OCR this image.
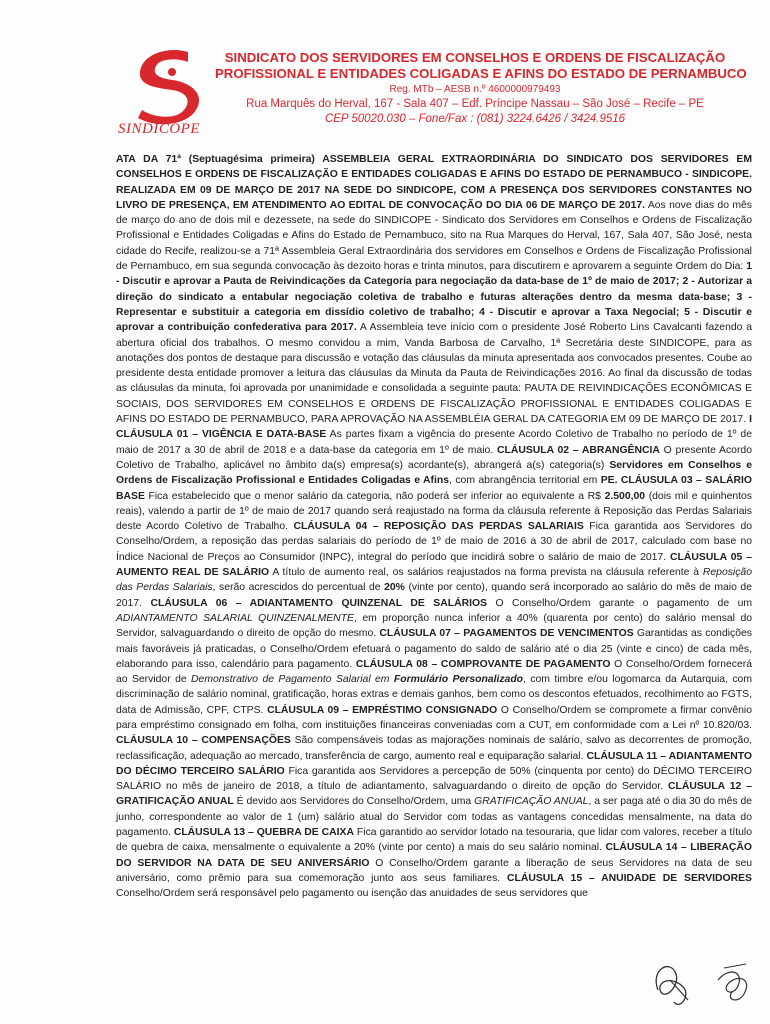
SINDICOPE
SINDICATO DOS SERVIDORES EM CONSELHOS E ORDENS DE FISCALIZAÇÃO
PROFISSIONAL E ENTIDADES COLIGADAS E AFINS DO ESTADO DE PERNAMBUCO
Reg. MTb – AESB n.º 4600000979493
Rua Marquês do Herval, 167 - Sala 407 – Edf. Príncipe Nassau – São José – Recife – PE
CEP 50020.030 – Fone/Fax : (081) 3224.6426 / 3424.9516
ATA DA 71ª (Septuagésima primeira) ASSEMBLEIA GERAL EXTRAORDINÁRIA DO SINDICATO DOS SERVIDORES EM CONSELHOS E ORDENS DE FISCALIZAÇÃO E ENTIDADES COLIGADAS E AFINS DO ESTADO DE PERNAMBUCO - SINDICOPE. REALIZADA EM 09 DE MARÇO DE 2017 NA SEDE DO SINDICOPE, COM A PRESENÇA DOS SERVIDORES CONSTANTES NO LIVRO DE PRESENÇA, EM ATENDIMENTO AO EDITAL DE CONVOCAÇÃO DO DIA 06 DE MARÇO DE 2017. Aos nove dias do mês de março do ano de dois mil e dezessete, na sede do SINDICOPE - Sindicato dos Servidores em Conselhos e Ordens de Fiscalização Profissional e Entidades Coligadas e Afins do Estado de Pernambuco, sito na Rua Marques do Herval, 167, Sala 407, São José, nesta cidade do Recife, realizou-se a 71ª Assembleia Geral Extraordinária dos servidores em Conselhos e Ordens de Fiscalização Profissional de Pernambuco, em sua segunda convocação às dezoito horas e trinta minutos, para discutirem e aprovarem a seguinte Ordem do Dia: 1 - Discutir e aprovar a Pauta de Reivindicações da Categoria para negociação da data-base de 1º de maio de 2017; 2 - Autorizar a direção do sindicato a entabular negociação coletiva de trabalho e futuras alterações dentro da mesma data-base; 3 - Representar e substituir a categoria em dissídio coletivo de trabalho; 4 - Discutir e aprovar a Taxa Negocial; 5 - Discutir e aprovar a contribuição confederativa para 2017. A Assembleia teve início com o presidente José Roberto Lins Cavalcanti fazendo a abertura oficial dos trabalhos. O mesmo convidou a mim, Vanda Barbosa de Carvalho, 1ª Secretária deste SINDICOPE, para as anotações dos pontos de destaque para discussão e votação das cláusulas da minuta apresentada aos convocados presentes. Coube ao presidente desta entidade promover a leitura das cláusulas da Minuta da Pauta de Reivindicações 2016. Ao final da discussão de todas as cláusulas da minuta, foi aprovada por unanimidade e consolidada a seguinte pauta: PAUTA DE REIVINDICAÇÕES ECONÔMICAS E SOCIAIS, DOS SERVIDORES EM CONSELHOS E ORDENS DE FISCALIZAÇÃO PROFISSIONAL E ENTIDADES COLIGADAS E AFINS DO ESTADO DE PERNAMBUCO, PARA APROVAÇÃO NA ASSEMBLÉIA GERAL DA CATEGORIA EM 09 DE MARÇO DE 2017. I CLÁUSULA 01 – VIGÊNCIA E DATA-BASE As partes fixam a vigência do presente Acordo Coletivo de Trabalho no período de 1º de maio de 2017 a 30 de abril de 2018 e a data-base da categoria em 1º de maio. CLÁUSULA 02 – ABRANGÊNCIA O presente Acordo Coletivo de Trabalho, aplicável no âmbito da(s) empresa(s) acordante(s), abrangerá a(s) categoria(s) Servidores em Conselhos e Ordens de Fiscalização Profissional e Entidades Coligadas e Afins, com abrangência territorial em PE. CLÁUSULA 03 – SALÁRIO BASE Fica estabelecido que o menor salário da categoria, não poderá ser inferior ao equivalente a R$ 2.500,00 (dois mil e quinhentos reais), valendo a partir de 1º de maio de 2017 quando será reajustado na forma da cláusula referente à Reposição das Perdas Salariais deste Acordo Coletivo de Trabalho. CLÁUSULA 04 – REPOSIÇÃO DAS PERDAS SALARIAIS Fica garantida aos Servidores do Conselho/Ordem, a reposição das perdas salariais do período de 1º de maio de 2016 a 30 de abril de 2017, calculado com base no Índice Nacional de Preços ao Consumidor (INPC), integral do período que incidirá sobre o salário de maio de 2017. CLÁUSULA 05 – AUMENTO REAL DE SALÁRIO A título de aumento real, os salários reajustados na forma prevista na cláusula referente à Reposição das Perdas Salariais, serão acrescidos do percentual de 20% (vinte por cento), quando será incorporado ao salário do mês de maio de 2017. CLÁUSULA 06 – ADIANTAMENTO QUINZENAL DE SALÁRIOS O Conselho/Ordem garante o pagamento de um ADIANTAMENTO SALARIAL QUINZENALMENTE, em proporção nunca inferior a 40% (quarenta por cento) do salário mensal do Servidor, salvaguardando o direito de opção do mesmo. CLÁUSULA 07 – PAGAMENTOS DE VENCIMENTOS Garantidas as condições mais favoráveis já praticadas, o Conselho/Ordem efetuará o pagamento do saldo de salário até o dia 25 (vinte e cinco) de cada mês, elaborando para isso, calendário para pagamento. CLÁUSULA 08 – COMPROVANTE DE PAGAMENTO O Conselho/Ordem fornecerá ao Servidor de Demonstrativo de Pagamento Salarial em Formulário Personalizado, com timbre e/ou logomarca da Autarquia, com discriminação de salário nominal, gratificação, horas extras e demais ganhos, bem como os descontos efetuados, recolhimento ao FGTS, data de Admissão, CPF, CTPS. CLÁUSULA 09 – EMPRÉSTIMO CONSIGNADO O Conselho/Ordem se compromete a firmar convênio para empréstimo consignado em folha, com instituições financeiras conveniadas com a CUT, em conformidade com a Lei nº 10.820/03. CLÁUSULA 10 – COMPENSAÇÕES São compensáveis todas as majorações nominais de salário, salvo as decorrentes de promoção, reclassificação, adequação ao mercado, transferência de cargo, aumento real e equiparação salarial. CLÁUSULA 11 – ADIANTAMENTO DO DÉCIMO TERCEIRO SALÁRIO Fica garantida aos Servidores a percepção de 50% (cinquenta por cento) do DÉCIMO TERCEIRO SALÁRIO no mês de janeiro de 2018, a título de adiantamento, salvaguardando o direito de opção do Servidor. CLÁUSULA 12 – GRATIFICAÇÃO ANUAL É devido aos Servidores do Conselho/Ordem, uma GRATIFICAÇÃO ANUAL, a ser paga até o dia 30 do mês de junho, correspondente ao valor de 1 (um) salário atual do Servidor com todas as vantagens concedidas mensalmente, na data do pagamento. CLÁUSULA 13 – QUEBRA DE CAIXA Fica garantido ao servidor lotado na tesouraria, que lidar com valores, receber a título de quebra de caixa, mensalmente o equivalente a 20% (vinte por cento) a mais do seu salário nominal. CLÁUSULA 14 – LIBERAÇÃO DO SERVIDOR NA DATA DE SEU ANIVERSÁRIO O Conselho/Ordem garante a liberação de seus Servidores na data de seu aniversário, como prêmio para sua comemoração junto aos seus familiares. CLÁUSULA 15 – ANUIDADE DE SERVIDORES Conselho/Ordem será responsável pelo pagamento ou isenção das anuidades de seus servidores que
